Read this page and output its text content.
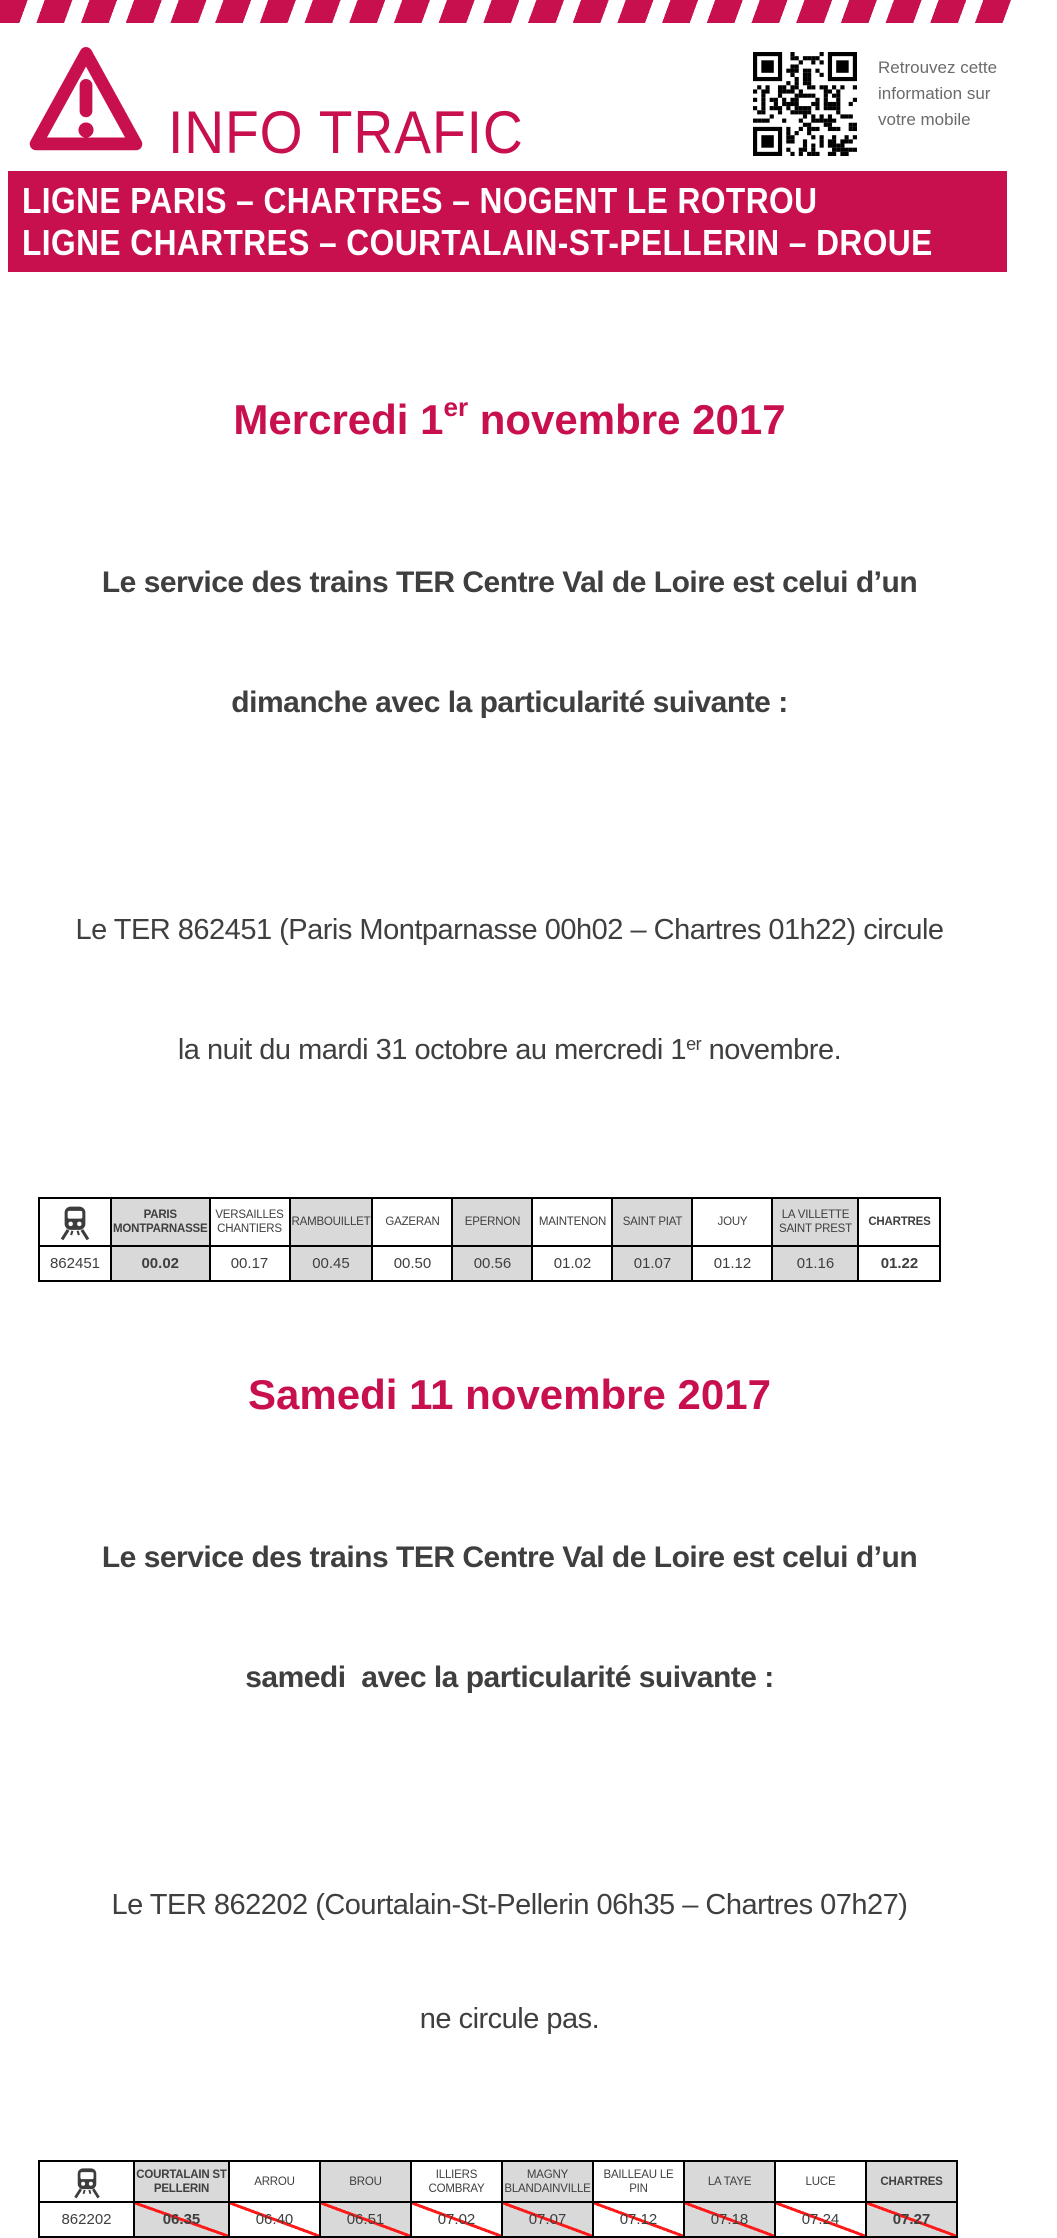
INFO TRAFIC
Retrouvez cette
information sur
votre mobile
LIGNE PARIS – CHARTRES – NOGENT LE ROTROU
LIGNE CHARTRES – COURTALAIN-ST-PELLERIN – DROUE
Mercredi 1er novembre 2017

Le service des trains TER Centre Val de Loire est celui d’un

dimanche avec la particularité suivante :

Le TER 862451 (Paris Montparnasse 00h02 – Chartres 01h22) circule

la nuit du mardi 31 octobre au mercredi 1er novembre.

	PARIS MONTPARNASSE	VERSAILLES CHANTIERS	RAMBOUILLET	GAZERAN	EPERNON	MAINTENON	SAINT PIAT	JOUY	LA VILLETTE SAINT PREST	CHARTRES
862451	00.02	00.17	00.45	00.50	00.56	01.02	01.07	01.12	01.16	01.22
Samedi 11 novembre 2017

Le service des trains TER Centre Val de Loire est celui d’un

samedi  avec la particularité suivante :

Le TER 862202 (Courtalain-St-Pellerin 06h35 – Chartres 07h27)

ne circule pas.

	COURTALAIN ST PELLERIN	ARROU	BROU	ILLIERS COMBRAY	MAGNY BLANDAINVILLE	BAILLEAU LE PIN	LA TAYE	LUCE	CHARTRES
862202	06.35	06.40	06.51	07.02	07.07	07.12	07.18	07.24	07.27
